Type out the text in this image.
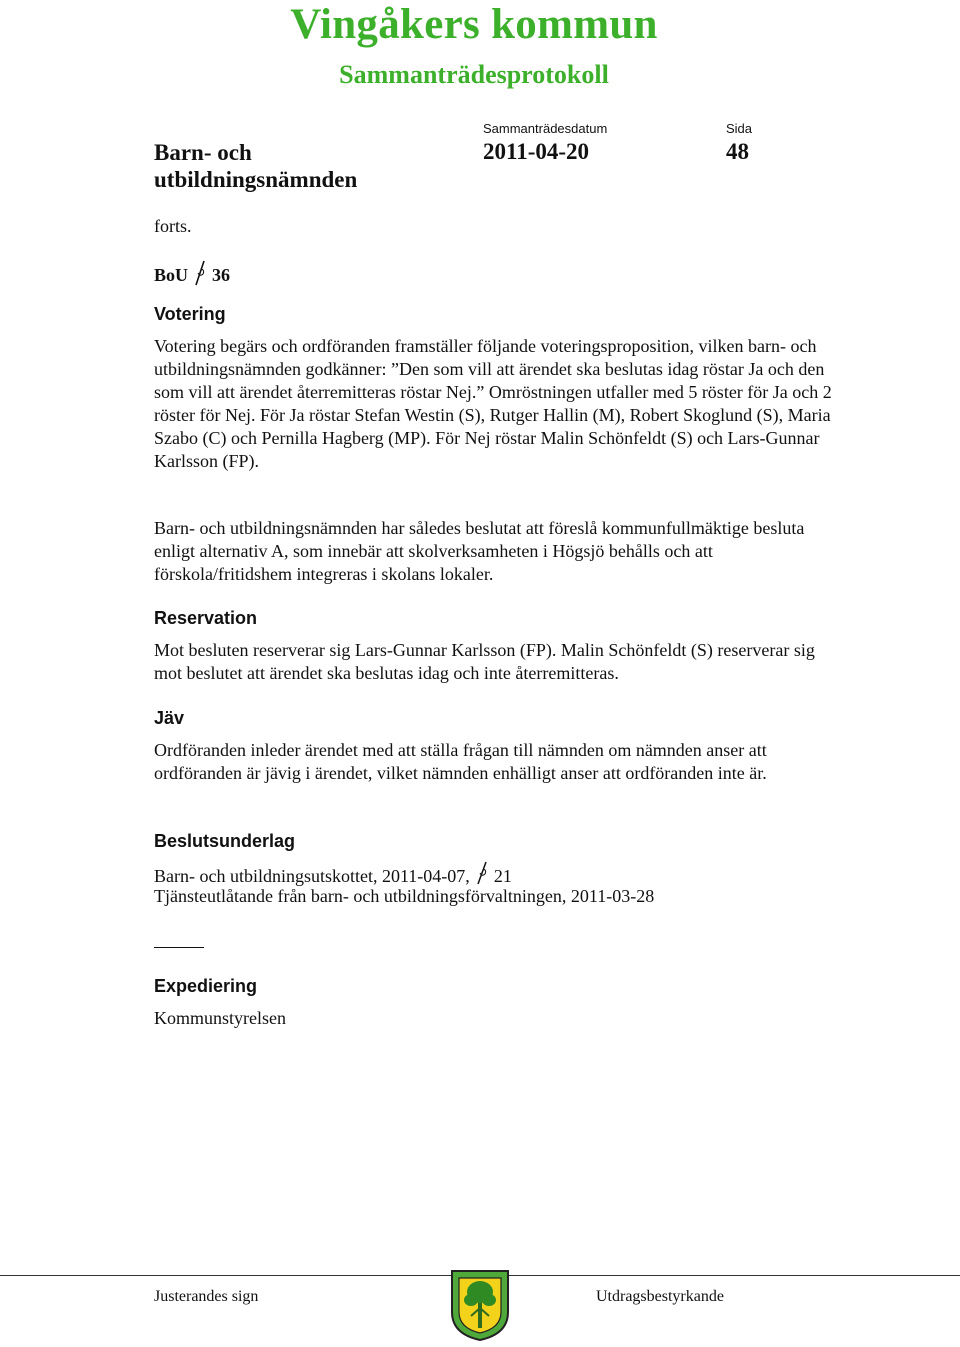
Vingåkers kommun
Sammanträdesprotokoll
Sammanträdesdatum	Sida
Barn- och utbildningsnämnden
2011-04-20	48
forts.
BoU 36
Votering

Votering begärs och ordföranden framställer följande voteringsproposition, vilken barn- och utbildningsnämnden godkänner: ”Den som vill att ärendet ska beslutas idag röstar Ja och den som vill att ärendet återremitteras röstar Nej.” Omröstningen utfaller med 5 röster för Ja och 2 röster för Nej. För Ja röstar Stefan Westin (S), Rutger Hallin (M), Robert Skoglund (S), Maria Szabo (C) och Pernilla Hagberg (MP). För Nej röstar Malin Schönfeldt (S) och Lars-Gunnar Karlsson (FP).

Barn- och utbildningsnämnden har således beslutat att föreslå kommunfullmäktige besluta enligt alternativ A, som innebär att skolverksamheten i Högsjö behålls och att förskola/fritidshem integreras i skolans lokaler.

Reservation

Mot besluten reserverar sig Lars-Gunnar Karlsson (FP). Malin Schönfeldt (S) reserverar sig mot beslutet att ärendet ska beslutas idag och inte återremitteras.

Jäv

Ordföranden inleder ärendet med att ställa frågan till nämnden om nämnden anser att ordföranden är jävig i ärendet, vilket nämnden enhälligt anser att ordföranden inte är.

Beslutsunderlag
Barn- och utbildningsutskottet, 2011-04-07, 21
Tjänsteutlåtande från barn- och utbildningsförvaltningen, 2011-03-28
Expediering
Kommunstyrelsen
Justerandes sign	Utdragsbestyrkande
